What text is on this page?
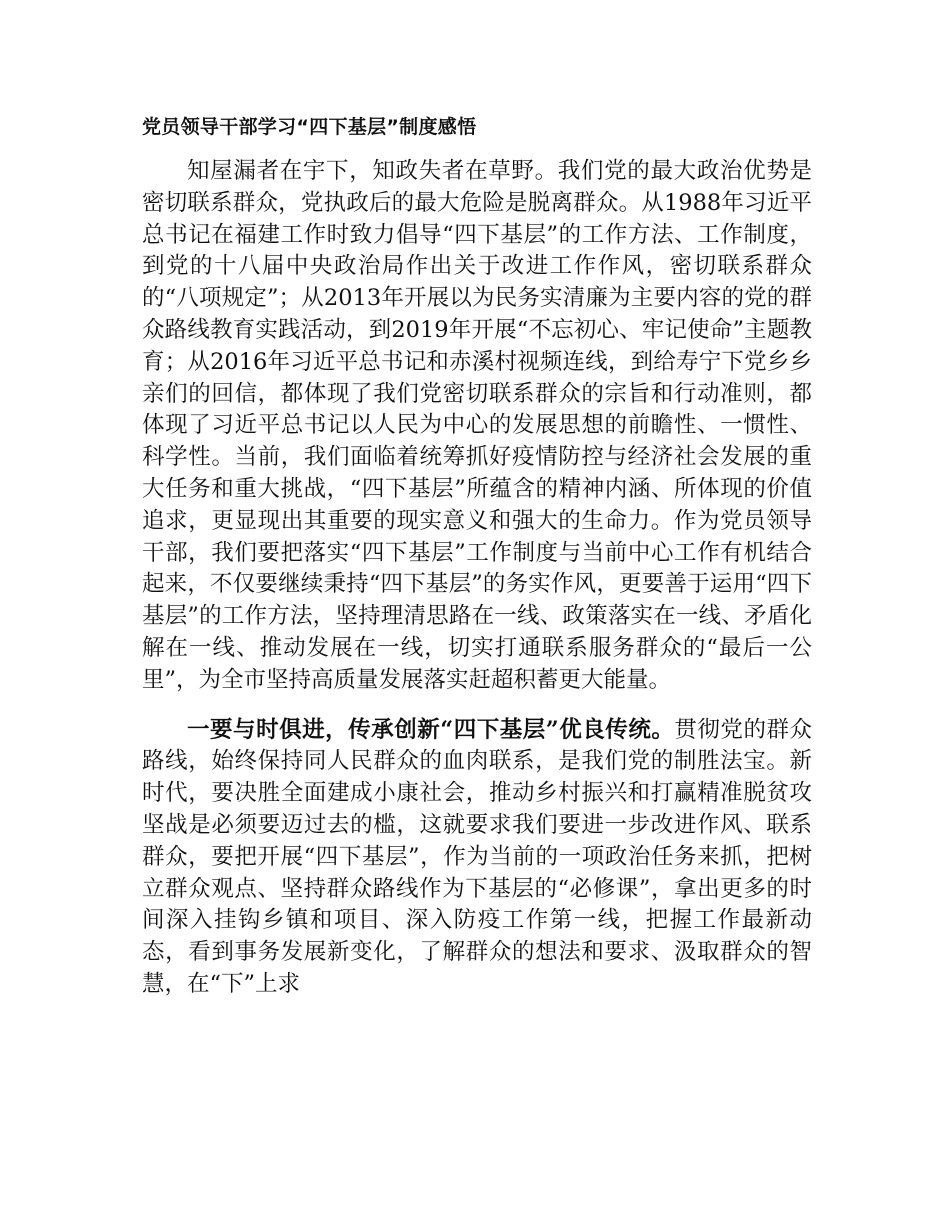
党员领导干部学习“四下基层”制度感悟

知屋漏者在宇下，知政失者在草野。我们党的最大政治优势是密切联系群众，党执政后的最大危险是脱离群众。从1988年习近平总书记在福建工作时致力倡导“四下基层”的工作方法、工作制度，到党的十八届中央政治局作出关于改进工作作风，密切联系群众的“八项规定”；从2013年开展以为民务实清廉为主要内容的党的群众路线教育实践活动，到2019年开展“不忘初心、牢记使命”主题教育；从2016年习近平总书记和赤溪村视频连线，到给寿宁下党乡乡亲们的回信，都体现了我们党密切联系群众的宗旨和行动准则，都体现了习近平总书记以人民为中心的发展思想的前瞻性、一惯性、科学性。当前，我们面临着统筹抓好疫情防控与经济社会发展的重大任务和重大挑战，“四下基层”所蕴含的精神内涵、所体现的价值追求，更显现出其重要的现实意义和强大的生命力。作为党员领导干部，我们要把落实“四下基层”工作制度与当前中心工作有机结合起来，不仅要继续秉持“四下基层”的务实作风，更要善于运用“四下基层”的工作方法，坚持理清思路在一线、政策落实在一线、矛盾化解在一线、推动发展在一线，切实打通联系服务群众的“最后一公里”，为全市坚持高质量发展落实赶超积蓄更大能量。

一要与时俱进，传承创新“四下基层”优良传统。贯彻党的群众路线，始终保持同人民群众的血肉联系，是我们党的制胜法宝。新时代，要决胜全面建成小康社会，推动乡村振兴和打赢精准脱贫攻坚战是必须要迈过去的槛，这就要求我们要进一步改进作风、联系群众，要把开展“四下基层”，作为当前的一项政治任务来抓，把树立群众观点、坚持群众路线作为下基层的“必修课”，拿出更多的时间深入挂钩乡镇和项目、深入防疫工作第一线，把握工作最新动态，看到事务发展新变化，了解群众的想法和要求、汲取群众的智慧，在“下”上求
